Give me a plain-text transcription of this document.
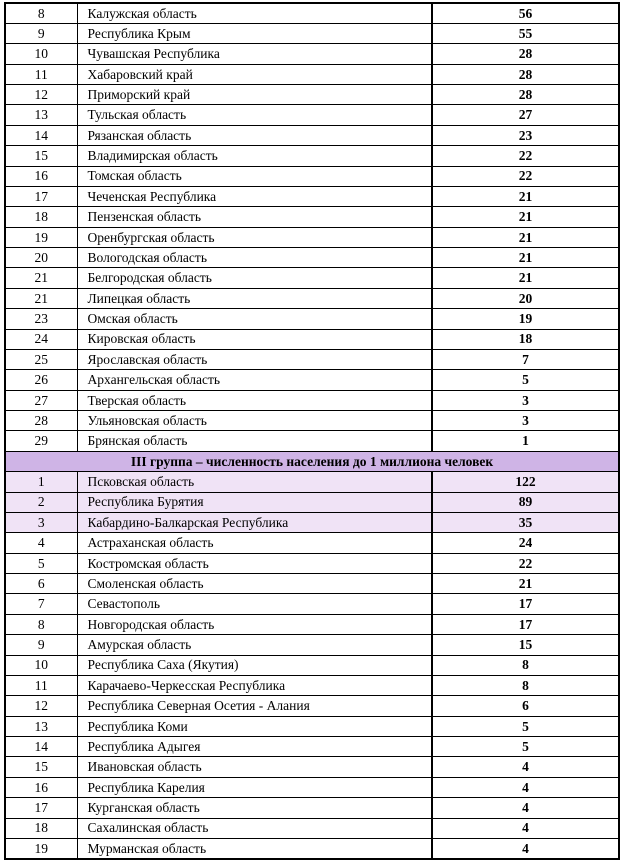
8	Калужская область	56
9	Республика Крым	55
10	Чувашская Республика	28
11	Хабаровский край	28
12	Приморский край	28
13	Тульская область	27
14	Рязанская область	23
15	Владимирская область	22
16	Томская область	22
17	Чеченская Республика	21
18	Пензенская область	21
19	Оренбургская область	21
20	Вологодская область	21
21	Белгородская область	21
21	Липецкая область	20
23	Омская область	19
24	Кировская область	18
25	Ярославская область	7
26	Архангельская область	5
27	Тверская область	3
28	Ульяновская область	3
29	Брянская область	1
III группа – численность населения до 1 миллиона человек		
1	Псковская область	122
2	Республика Бурятия	89
3	Кабардино-Балкарская Республика	35
4	Астраханская область	24
5	Костромская область	22
6	Смоленская область	21
7	Севастополь	17
8	Новгородская область	17
9	Амурская область	15
10	Республика Саха (Якутия)	8
11	Карачаево-Черкесская Республика	8
12	Республика Северная Осетия - Алания	6
13	Республика Коми	5
14	Республика Адыгея	5
15	Ивановская область	4
16	Республика Карелия	4
17	Курганская область	4
18	Сахалинская область	4
19	Мурманская область	4
